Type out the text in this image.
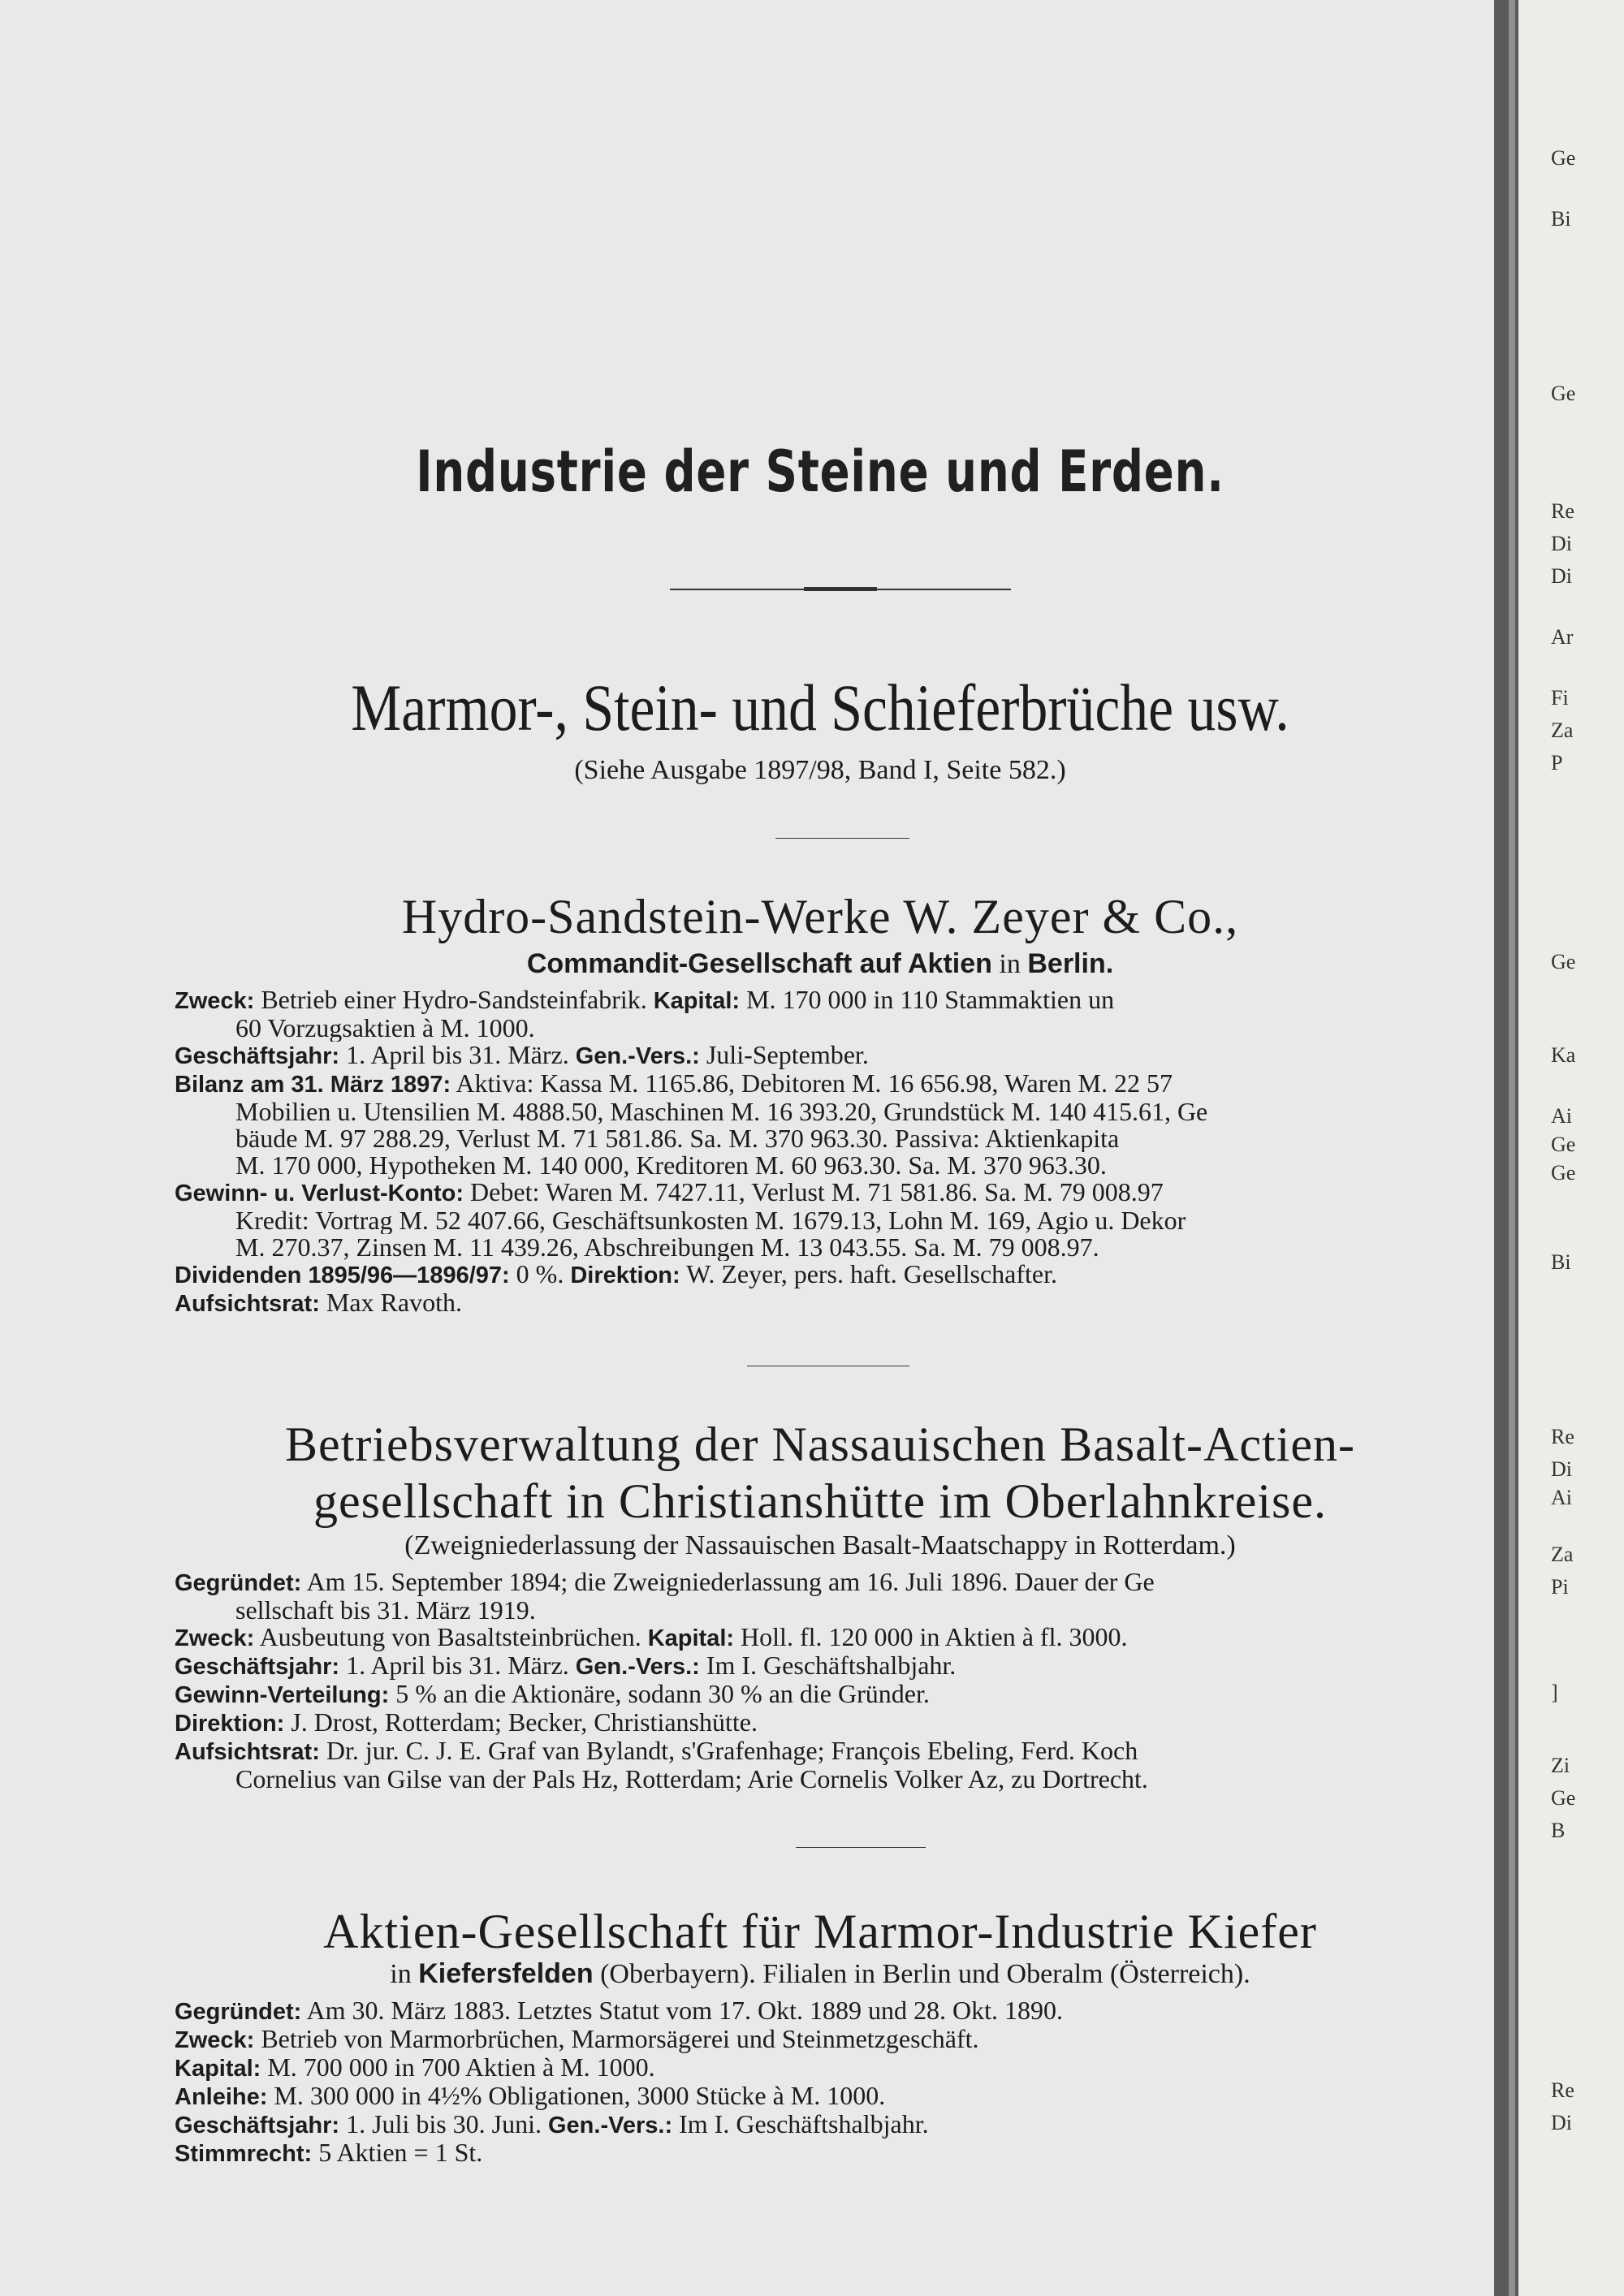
Industrie der Steine und Erden.
Marmor-, Stein- und Schieferbrüche usw.
(Siehe Ausgabe 1897/98, Band I, Seite 582.)
Hydro-Sandstein-Werke W. Zeyer & Co.,
Commandit-Gesellschaft auf Aktien in Berlin.
Zweck: Betrieb einer Hydro-Sandsteinfabrik. Kapital: M. 170 000 in 110 Stammaktien un
60 Vorzugsaktien à M. 1000.
Geschäftsjahr: 1. April bis 31. März. Gen.-Vers.: Juli-September.
Bilanz am 31. März 1897: Aktiva: Kassa M. 1165.86, Debitoren M. 16 656.98, Waren M. 22 57
Mobilien u. Utensilien M. 4888.50, Maschinen M. 16 393.20, Grundstück M. 140 415.61, Ge
bäude M. 97 288.29, Verlust M. 71 581.86. Sa. M. 370 963.30. Passiva: Aktienkapita
M. 170 000, Hypotheken M. 140 000, Kreditoren M. 60 963.30. Sa. M. 370 963.30.
Gewinn- u. Verlust-Konto: Debet: Waren M. 7427.11, Verlust M. 71 581.86. Sa. M. 79 008.97
Kredit: Vortrag M. 52 407.66, Geschäftsunkosten M. 1679.13, Lohn M. 169, Agio u. Dekor
M. 270.37, Zinsen M. 11 439.26, Abschreibungen M. 13 043.55. Sa. M. 79 008.97.
Dividenden 1895/96—1896/97: 0 %. Direktion: W. Zeyer, pers. haft. Gesellschafter.
Aufsichtsrat: Max Ravoth.
Betriebsverwaltung der Nassauischen Basalt-Actien-
gesellschaft in Christianshütte im Oberlahnkreise.
(Zweigniederlassung der Nassauischen Basalt-Maatschappy in Rotterdam.)
Gegründet: Am 15. September 1894; die Zweigniederlassung am 16. Juli 1896. Dauer der Ge
sellschaft bis 31. März 1919.
Zweck: Ausbeutung von Basaltsteinbrüchen. Kapital: Holl. fl. 120 000 in Aktien à fl. 3000.
Geschäftsjahr: 1. April bis 31. März. Gen.-Vers.: Im I. Geschäftshalbjahr.
Gewinn-Verteilung: 5 % an die Aktionäre, sodann 30 % an die Gründer.
Direktion: J. Drost, Rotterdam; Becker, Christianshütte.
Aufsichtsrat: Dr. jur. C. J. E. Graf van Bylandt, s'Grafenhage; François Ebeling, Ferd. Koch
Cornelius van Gilse van der Pals Hz, Rotterdam; Arie Cornelis Volker Az, zu Dortrecht.
Aktien-Gesellschaft für Marmor-Industrie Kiefer
in Kiefersfelden (Oberbayern). Filialen in Berlin und Oberalm (Österreich).
Gegründet: Am 30. März 1883. Letztes Statut vom 17. Okt. 1889 und 28. Okt. 1890.
Zweck: Betrieb von Marmorbrüchen, Marmorsägerei und Steinmetzgeschäft.
Kapital: M. 700 000 in 700 Aktien à M. 1000.
Anleihe: M. 300 000 in 4½% Obligationen, 3000 Stücke à M. 1000.
Geschäftsjahr: 1. Juli bis 30. Juni. Gen.-Vers.: Im I. Geschäftshalbjahr.
Stimmrecht: 5 Aktien = 1 St.
Ge
Bi
Ge
Re
Di
Di
Ar
Fi
Za
P
Ge
Ka
Ai
Ge
Ge
Bi
Re
Di
Ai
Za
Pi
]
Zi
Ge
B
Re
Di
